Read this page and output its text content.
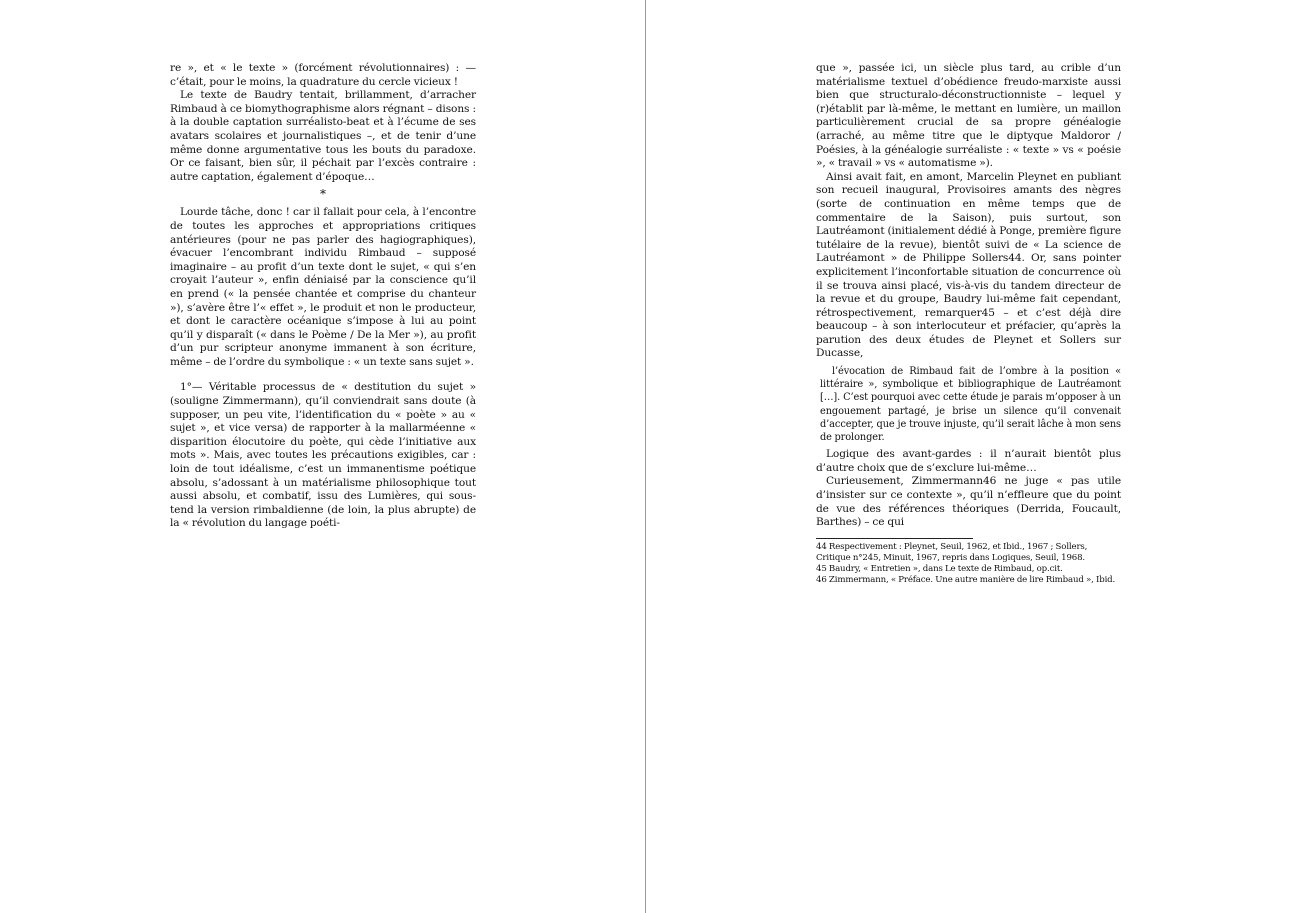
re », et « le texte » (forcément révolutionnaires) : — c’était, pour le moins, la quadrature du cercle vicieux !

Le texte de Baudry tentait, brillamment, d’arracher Rimbaud à ce biomythographisme alors régnant – disons : à la double captation surréalisto-beat et à l’écume de ses avatars scolaires et journalistiques –, et de tenir d’une même donne argumentative tous les bouts du paradoxe. Or ce faisant, bien sûr, il péchait par l’excès contraire : autre captation, également d’époque…

*

Lourde tâche, donc ! car il fallait pour cela, à l’encontre de toutes les approches et appropriations critiques antérieures (pour ne pas parler des hagiographiques), évacuer l’encombrant individu Rimbaud – supposé imaginaire – au profit d’un texte dont le sujet, « qui s’en croyait l’auteur », enfin déniaisé par la conscience qu’il en prend (« la pensée chantée et comprise du chanteur »), s’avère être l’« effet », le produit et non le producteur, et dont le caractère océanique s’impose à lui au point qu’il y disparaît (« dans le Poème / De la Mer »), au profit d’un pur scripteur anonyme immanent à son écriture, même – de l’ordre du symbolique : « un texte sans sujet ».

1°— Véritable processus de « destitution du sujet » (souligne Zimmermann), qu’il conviendrait sans doute (à supposer, un peu vite, l’identification du « poète » au « sujet », et vice versa) de rapporter à la mallarméenne « disparition élocutoire du poète, qui cède l’initiative aux mots ». Mais, avec toutes les précautions exigibles, car : loin de tout idéalisme, c’est un immanentisme poétique absolu, s’adossant à un matérialisme philosophique tout aussi absolu, et combatif, issu des Lumières, qui sous-tend la version rimbaldienne (de loin, la plus abrupte) de la « révolution du langage poéti-

que », passée ici, un siècle plus tard, au crible d’un matérialisme textuel d’obédience freudo-marxiste aussi bien que structuralo-déconstructionniste – lequel y (r)établit par là-même, le mettant en lumière, un maillon particulièrement crucial de sa propre généalogie (arraché, au même titre que le diptyque Maldoror / Poésies, à la généalogie surréaliste : « texte » vs « poésie », « travail » vs « automatisme »).

Ainsi avait fait, en amont, Marcelin Pleynet en publiant son recueil inaugural, Provisoires amants des nègres (sorte de continuation en même temps que de commentaire de la Saison), puis surtout, son Lautréamont (initialement dédié à Ponge, première figure tutélaire de la revue), bientôt suivi de « La science de Lautréamont » de Philippe Sollers44. Or, sans pointer explicitement l’inconfortable situation de concurrence où il se trouva ainsi placé, vis-à-vis du tandem directeur de la revue et du groupe, Baudry lui-même fait cependant, rétrospectivement, remarquer45 – et c’est déjà dire beaucoup – à son interlocuteur et préfacier, qu’après la parution des deux études de Pleynet et Sollers sur Ducasse,

l’évocation de Rimbaud fait de l’ombre à la position « littéraire », symbolique et bibliographique de Lautréamont […]. C’est pourquoi avec cette étude je parais m’opposer à un engouement partagé, je brise un silence qu’il convenait d’accepter, que je trouve injuste, qu’il serait lâche à mon sens de prolonger.

Logique des avant-gardes : il n’aurait bientôt plus d’autre choix que de s’exclure lui-même…

Curieusement, Zimmermann46 ne juge « pas utile d’insister sur ce contexte », qu’il n’effleure que du point de vue des références théoriques (Derrida, Foucault, Barthes) – ce qui

44 Respectivement : Pleynet, Seuil, 1962, et Ibid., 1967 ; Sollers, Critique n°245, Minuit, 1967, repris dans Logiques, Seuil, 1968.
45 Baudry, « Entretien », dans Le texte de Rimbaud, op.cit.
46 Zimmermann, « Préface. Une autre manière de lire Rimbaud », Ibid.
